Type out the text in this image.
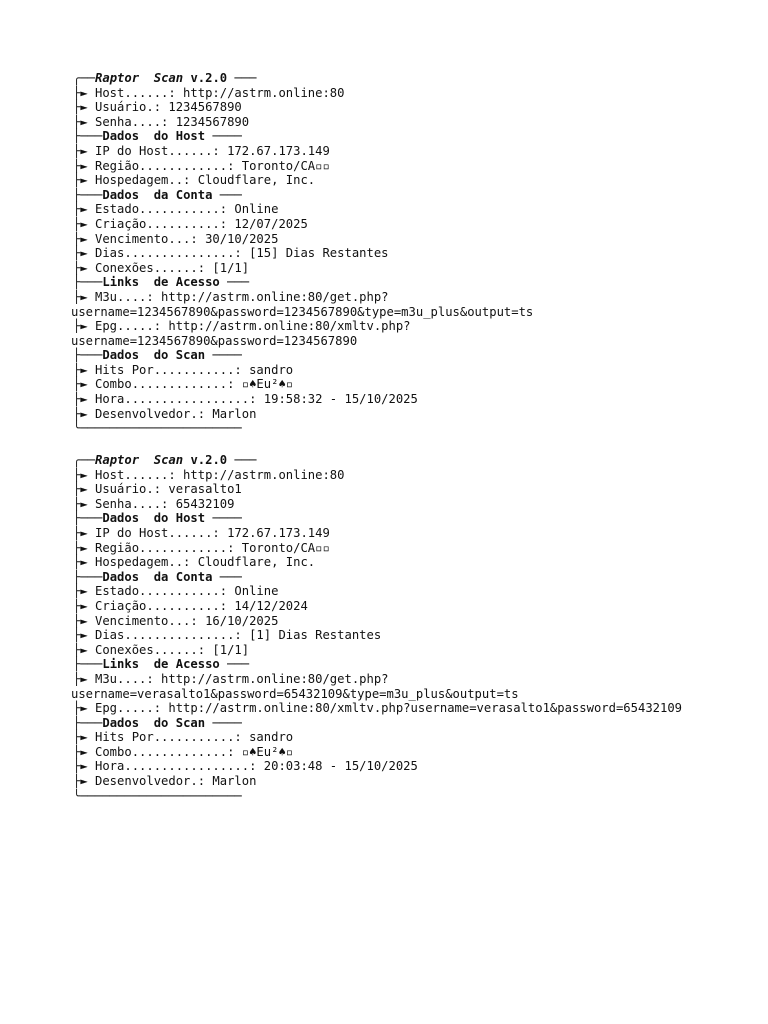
╭──Raptor Scan v.2.0 ───
├► Host......: http://astrm.online:80
├► Usuário.: 1234567890
├► Senha....: 1234567890
├───Dados  do Host ────
├► IP do Host......: 172.67.173.149
├► Região............: Toronto/CA▫▫
├► Hospedagem..: Cloudflare, Inc.
├───Dados  da Conta ───
├► Estado...........: Online
├► Criação..........: 12/07/2025
├► Vencimento...: 30/10/2025
├► Dias...............: [15] Dias Restantes
├► Conexões......: [1/1]
├───Links  de Acesso ───
├► M3u....: http://astrm.online:80/get.php?
username=1234567890&password=1234567890&type=m3u_plus&output=ts
├► Epg.....: http://astrm.online:80/xmltv.php?
username=1234567890&password=1234567890
├───Dados  do Scan ────
├► Hits Por...........: sandro
├► Combo.............: ▫♠Eu²♠▫
├► Hora.................: 19:58:32 - 15/10/2025
├► Desenvolvedor.: Marlon
╰──────────────────────
╭──Raptor Scan v.2.0 ───
├► Host......: http://astrm.online:80
├► Usuário.: verasalto1
├► Senha....: 65432109
├───Dados  do Host ────
├► IP do Host......: 172.67.173.149
├► Região............: Toronto/CA▫▫
├► Hospedagem..: Cloudflare, Inc.
├───Dados  da Conta ───
├► Estado...........: Online
├► Criação..........: 14/12/2024
├► Vencimento...: 16/10/2025
├► Dias...............: [1] Dias Restantes
├► Conexões......: [1/1]
├───Links  de Acesso ───
├► M3u....: http://astrm.online:80/get.php?
username=verasalto1&password=65432109&type=m3u_plus&output=ts
├► Epg.....: http://astrm.online:80/xmltv.php?username=verasalto1&password=65432109
├───Dados  do Scan ────
├► Hits Por...........: sandro
├► Combo.............: ▫♠Eu²♠▫
├► Hora.................: 20:03:48 - 15/10/2025
├► Desenvolvedor.: Marlon
╰──────────────────────
